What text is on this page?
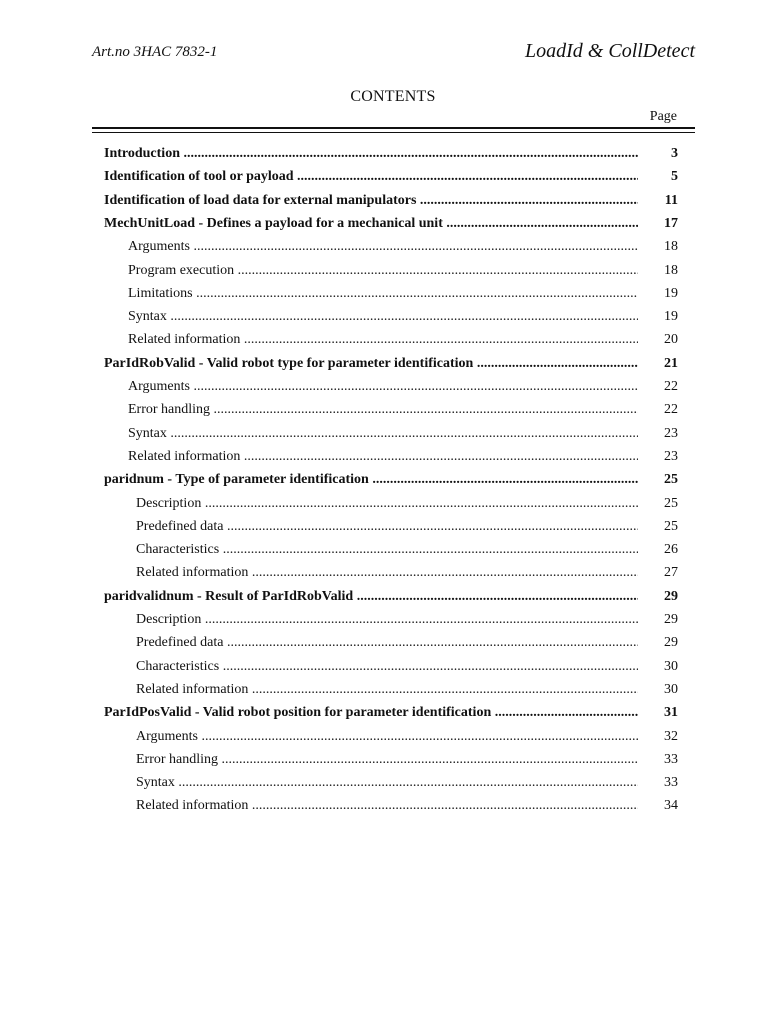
Art.no 3HAC 7832-1	LoadId & CollDetect
CONTENTS
Page
Introduction .....	3
Identification of tool or payload .....	5
Identification of load data for external manipulators .....	11
MechUnitLoad - Defines a payload for a mechanical unit .....	17
Arguments .....	18
Program execution .....	18
Limitations .....	19
Syntax .....	19
Related information .....	20
ParIdRobValid - Valid robot type for parameter identification .....	21
Arguments .....	22
Error handling .....	22
Syntax .....	23
Related information .....	23
paridnum - Type of parameter identification .....	25
Description .....	25
Predefined data .....	25
Characteristics .....	26
Related information .....	27
paridvalidnum - Result of ParIdRobValid .....	29
Description .....	29
Predefined data .....	29
Characteristics .....	30
Related information .....	30
ParIdPosValid - Valid robot position for parameter identification .....	31
Arguments .....	32
Error handling .....	33
Syntax .....	33
Related information .....	34
